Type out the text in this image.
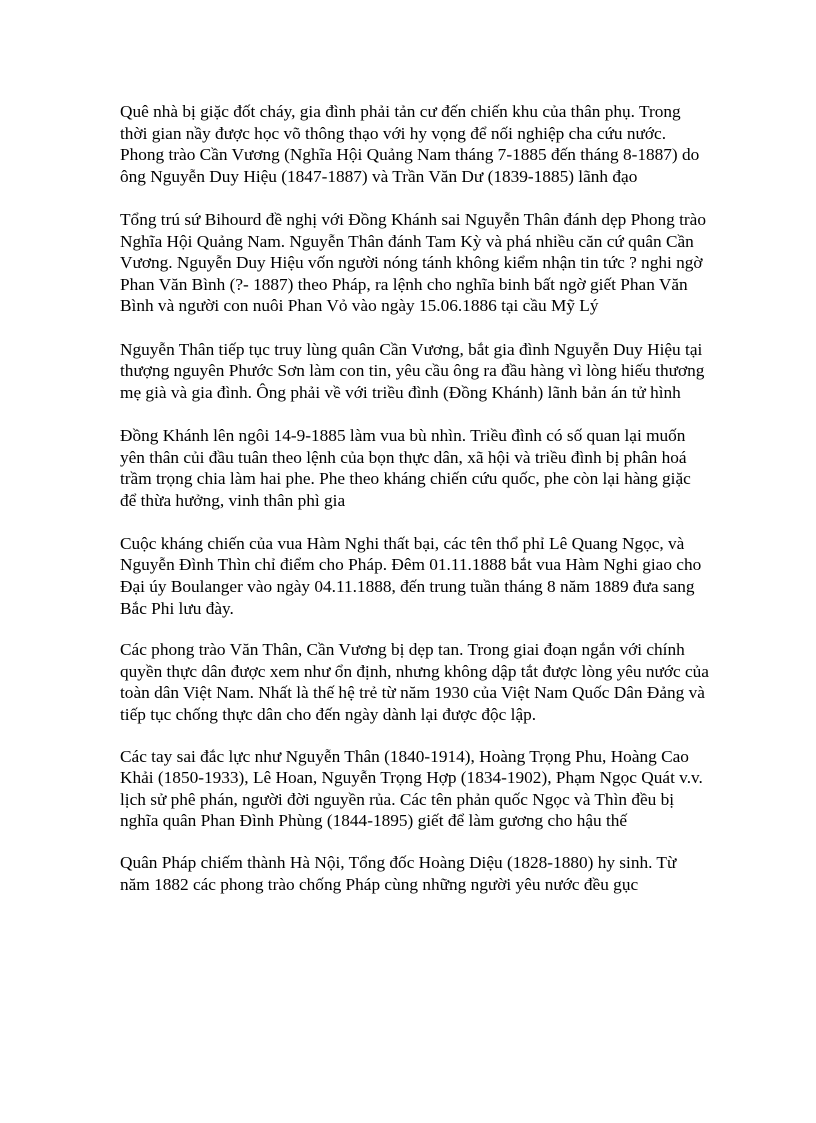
Quê nhà bị giặc đốt cháy, gia đình phải tản cư đến chiến khu của thân phụ. Trong thời gian nầy được học võ thông thạo với hy vọng để nối nghiệp cha cứu nước. Phong trào Cần Vương (Nghĩa Hội Quảng Nam tháng 7-1885 đến tháng 8-1887) do ông Nguyễn Duy Hiệu (1847-1887) và Trần Văn Dư (1839-1885) lãnh đạo

Tổng trú sứ Bihourd đề nghị với Đồng Khánh sai Nguyễn Thân đánh dẹp Phong trào Nghĩa Hội Quảng Nam. Nguyễn Thân đánh Tam Kỳ và phá nhiều căn cứ quân Cần Vương. Nguyễn Duy Hiệu vốn người nóng tánh không kiểm nhận tin tức ? nghi ngờ Phan Văn Bình (?- 1887) theo Pháp, ra lệnh cho nghĩa binh bất ngờ giết Phan Văn Bình và người con nuôi Phan Vỏ vào ngày 15.06.1886 tại cầu Mỹ Lý

Nguyễn Thân tiếp tục truy lùng quân Cần Vương, bắt gia đình Nguyễn Duy Hiệu tại thượng nguyên Phước Sơn làm con tin, yêu cầu ông ra đầu hàng vì lòng hiếu thương mẹ già và gia đình. Ông phải về với triều đình (Đồng Khánh) lãnh bản án tử hình

Đồng Khánh lên ngôi 14-9-1885 làm vua bù nhìn. Triều đình có số quan lại muốn yên thân củi đầu tuân theo lệnh của bọn thực dân, xã hội và triều đình bị phân hoá trầm trọng chia làm hai phe. Phe theo kháng chiến cứu quốc, phe còn lại hàng giặc để thừa hưởng, vinh thân phì gia

Cuộc kháng chiến của vua Hàm Nghi thất bại, các tên thổ phỉ Lê Quang Ngọc, và Nguyễn Đình Thìn chỉ điểm cho Pháp. Đêm 01.11.1888 bắt vua Hàm Nghi giao cho Đại úy Boulanger vào ngày 04.11.1888, đến trung tuần tháng 8 năm 1889 đưa sang Bắc Phi lưu đày.

Các phong trào Văn Thân, Cần Vương bị dẹp tan. Trong giai đoạn ngắn với chính quyền thực dân được xem như ổn định, nhưng không dập tắt được lòng yêu nước của toàn dân Việt Nam. Nhất là thế hệ trẻ từ năm 1930 của Việt Nam Quốc Dân Đảng và tiếp tục chống thực dân cho đến ngày dành lại được độc lập.

Các tay sai đắc lực như Nguyễn Thân (1840-1914), Hoàng Trọng Phu, Hoàng Cao Khải (1850-1933), Lê Hoan, Nguyễn Trọng Hợp (1834-1902), Phạm Ngọc Quát v.v. lịch sử phê phán, người đời nguyền rủa. Các tên phản quốc Ngọc và Thìn đều bị nghĩa quân Phan Đình Phùng (1844-1895) giết để làm gương cho hậu thế

Quân Pháp chiếm thành Hà Nội, Tổng đốc Hoàng Diệu (1828-1880) hy sinh. Từ năm 1882 các phong trào chống Pháp cùng những người yêu nước đều gục
